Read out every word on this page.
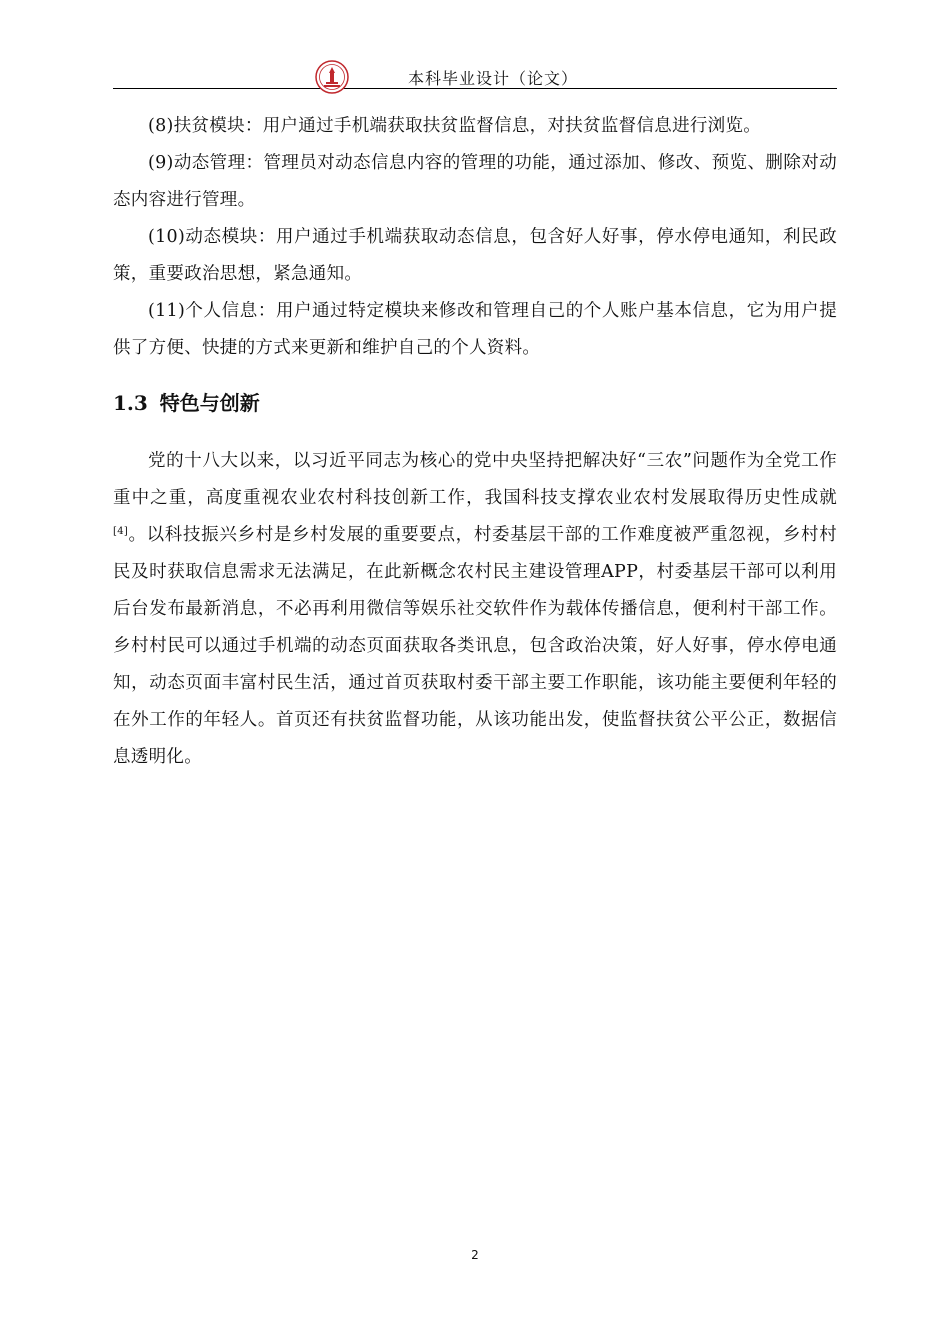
本科毕业设计（论文）

(8)扶贫模块：用户通过手机端获取扶贫监督信息，对扶贫监督信息进行浏览。

(9)动态管理：管理员对动态信息内容的管理的功能，通过添加、修改、预览、删除对动态内容进行管理。

(10)动态模块：用户通过手机端获取动态信息，包含好人好事，停水停电通知，利民政策，重要政治思想，紧急通知。

(11)个人信息：用户通过特定模块来修改和管理自己的个人账户基本信息，它为用户提供了方便、快捷的方式来更新和维护自己的个人资料。

1.3 特色与创新

党的十八大以来，以习近平同志为核心的党中央坚持把解决好“三农”问题作为全党工作重中之重，高度重视农业农村科技创新工作，我国科技支撑农业农村发展取得历史性成就[4]。以科技振兴乡村是乡村发展的重要要点，村委基层干部的工作难度被严重忽视，乡村村民及时获取信息需求无法满足，在此新概念农村民主建设管理APP，村委基层干部可以利用后台发布最新消息，不必再利用微信等娱乐社交软件作为载体传播信息，便利村干部工作。乡村村民可以通过手机端的动态页面获取各类讯息，包含政治决策，好人好事，停水停电通知，动态页面丰富村民生活，通过首页获取村委干部主要工作职能，该功能主要便利年轻的在外工作的年轻人。首页还有扶贫监督功能，从该功能出发，使监督扶贫公平公正，数据信息透明化。

2
